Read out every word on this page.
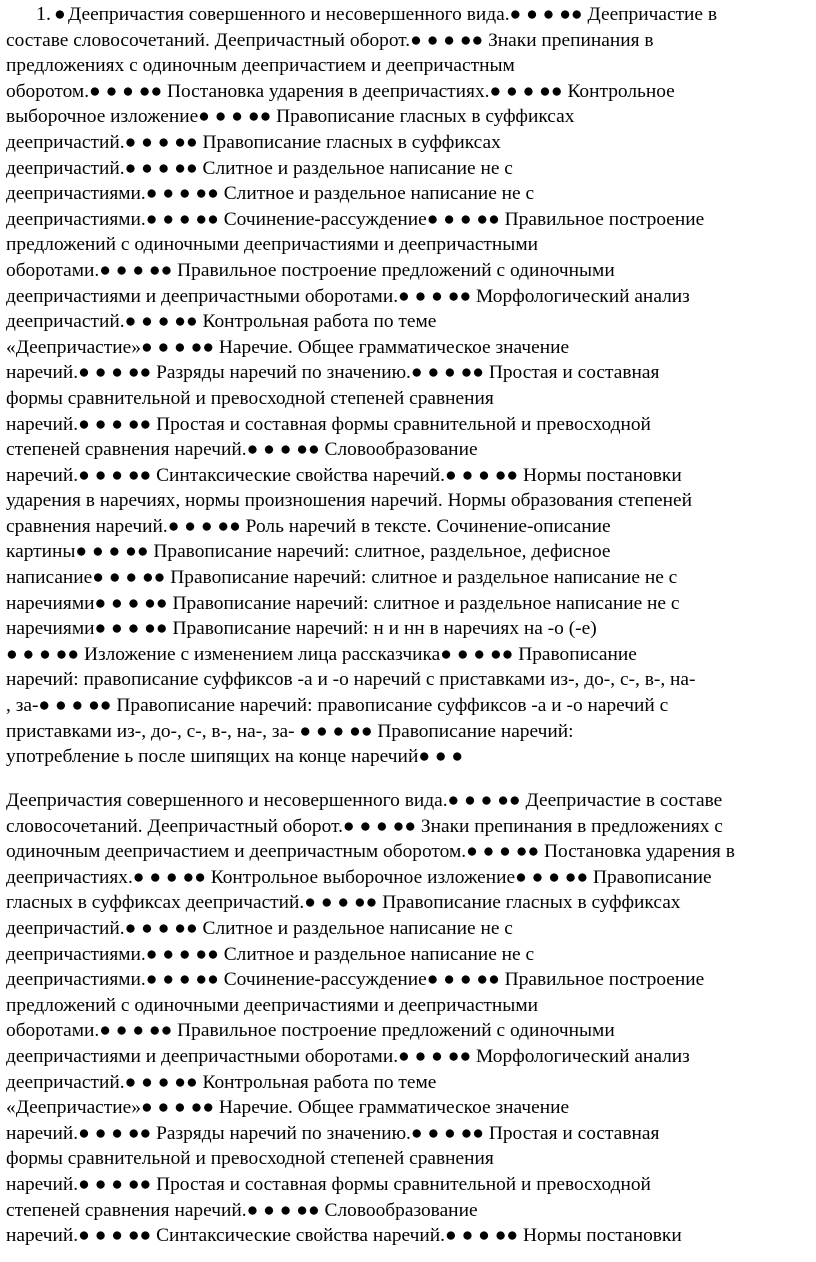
1. ● Деепричастия совершенного и несовершенного вида.● ● ● ●● Деепричастие в
составе словосочетаний. Деепричастный оборот.● ● ● ●● Знаки препинания в
предложениях с одиночным деепричастием и деепричастным
оборотом.● ● ● ●● Постановка ударения в деепричастиях.● ● ● ●● Контрольное
выборочное изложение● ● ● ●● Правописание гласных в суффиксах
деепричастий.● ● ● ●● Правописание гласных в суффиксах
деепричастий.● ● ● ●● Слитное и раздельное написание не с
деепричастиями.● ● ● ●● Слитное и раздельное написание не с
деепричастиями.● ● ● ●● Сочинение-рассуждение● ● ● ●● Правильное построение
предложений с одиночными деепричастиями и деепричастными
оборотами.● ● ● ●● Правильное построение предложений с одиночными
деепричастиями и деепричастными оборотами.● ● ● ●● Морфологический анализ
деепричастий.● ● ● ●● Контрольная работа по теме
«Деепричастие»● ● ● ●● Наречие. Общее грамматическое значение
наречий.● ● ● ●● Разряды наречий по значению.● ● ● ●● Простая и составная
формы сравнительной и превосходной степеней сравнения
наречий.● ● ● ●● Простая и составная формы сравнительной и превосходной
степеней сравнения наречий.● ● ● ●● Словообразование
наречий.● ● ● ●● Синтаксические свойства наречий.● ● ● ●● Нормы постановки
ударения в наречиях, нормы произношения наречий. Нормы образования степеней
сравнения наречий.● ● ● ●● Роль наречий в тексте. Сочинение-описание
картины● ● ● ●● Правописание наречий: слитное, раздельное, дефисное
написание● ● ● ●● Правописание наречий: слитное и раздельное написание не с
наречиями● ● ● ●● Правописание наречий: слитное и раздельное написание не с
наречиями● ● ● ●● Правописание наречий: н и нн в наречиях на -о (-е)
● ● ● ●● Изложение с изменением лица рассказчика● ● ● ●● Правописание
наречий: правописание суффиксов -а и -о наречий с приставками из-, до-, с-, в-, на-
, за-● ● ● ●● Правописание наречий: правописание суффиксов -а и -о наречий с
приставками из-, до-, с-, в-, на-, за- ● ● ● ●● Правописание наречий:
употребление ь после шипящих на конце наречий● ● ●
Деепричастия совершенного и несовершенного вида.● ● ● ●● Деепричастие в составе
словосочетаний. Деепричастный оборот.● ● ● ●● Знаки препинания в предложениях с
одиночным деепричастием и деепричастным оборотом.● ● ● ●● Постановка ударения в
деепричастиях.● ● ● ●● Контрольное выборочное изложение● ● ● ●● Правописание
гласных в суффиксах деепричастий.● ● ● ●● Правописание гласных в суффиксах
деепричастий.● ● ● ●● Слитное и раздельное написание не с
деепричастиями.● ● ● ●● Слитное и раздельное написание не с
деепричастиями.● ● ● ●● Сочинение-рассуждение● ● ● ●● Правильное построение
предложений с одиночными деепричастиями и деепричастными
оборотами.● ● ● ●● Правильное построение предложений с одиночными
деепричастиями и деепричастными оборотами.● ● ● ●● Морфологический анализ
деепричастий.● ● ● ●● Контрольная работа по теме
«Деепричастие»● ● ● ●● Наречие. Общее грамматическое значение
наречий.● ● ● ●● Разряды наречий по значению.● ● ● ●● Простая и составная
формы сравнительной и превосходной степеней сравнения
наречий.● ● ● ●● Простая и составная формы сравнительной и превосходной
степеней сравнения наречий.● ● ● ●● Словообразование
наречий.● ● ● ●● Синтаксические свойства наречий.● ● ● ●● Нормы постановки
